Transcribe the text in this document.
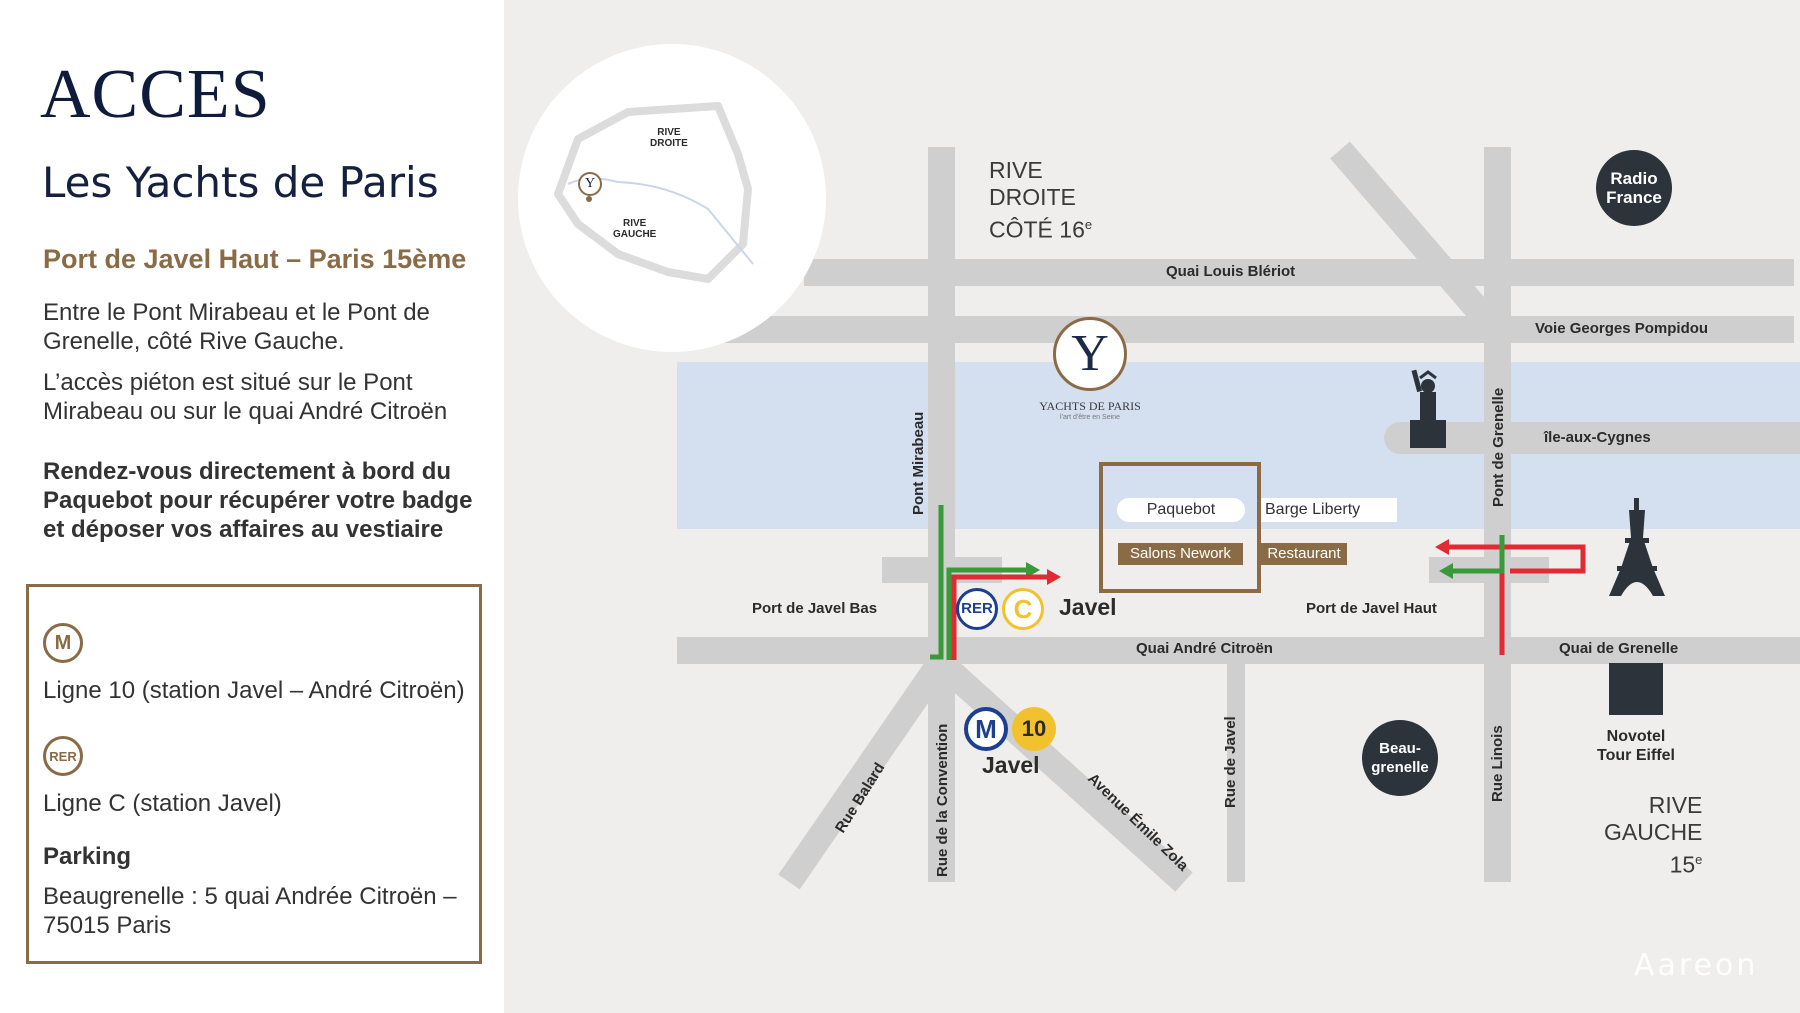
ACCES
Les Yachts de Paris
Port de Javel Haut – Paris 15ème
Entre le Pont Mirabeau et le Pont de Grenelle, côté Rive Gauche.
L’accès piéton est situé sur le Pont Mirabeau ou sur le quai André Citroën
Rendez-vous directement à bord du Paquebot pour récupérer votre badge et déposer vos affaires au vestiaire
M
Ligne 10 (station Javel – André Citroën)
RER
Ligne C (station Javel)
Parking
Beaugrenelle : 5 quai Andrée Citroën – 75015 Paris
RIVE
DROITE
RIVE
GAUCHE
Y
RIVE
DROITE
CÔTÉ 16e
RIVE
GAUCHE
15e
Quai Louis Blériot
Voie Georges Pompidou
île-aux-Cygnes
Port de Javel Bas	Port de Javel Haut
Quai André Citroën	Quai de Grenelle
Pont Mirabeau	Pont de Grenelle
Rue de la Convention	Rue de Javel	Rue Linois
Rue Balard	Avenue Émile Zola
Radio
France
Beau-
grenelle
Novotel
Tour Eiffel
Y
YACHTS DE PARIS
l'art d'être en Seine
Paquebot	Barge Liberty
Salons Nework	Restaurant
RER C	Javel
M	10
Javel
Aareon
